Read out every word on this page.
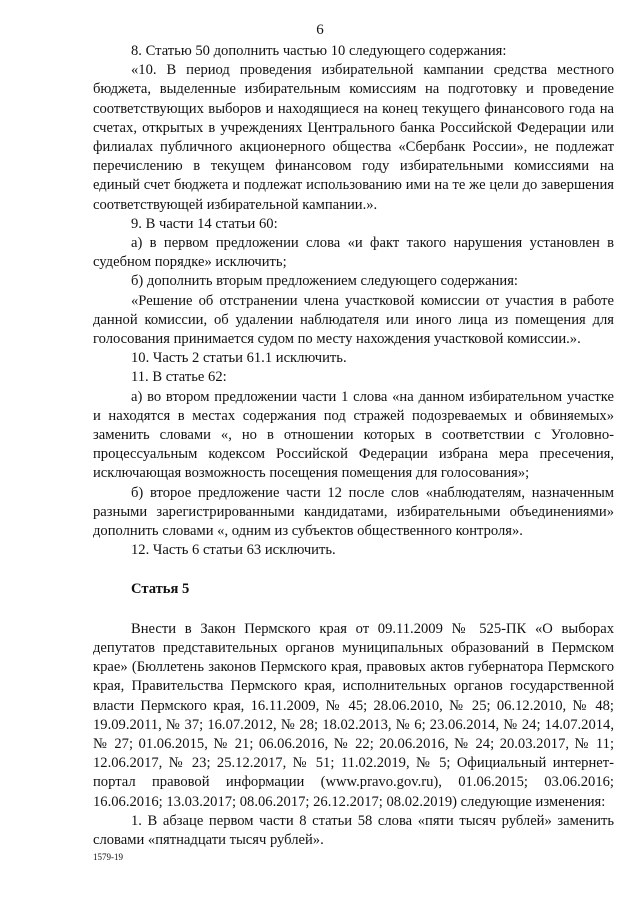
6

8. Статью 50 дополнить частью 10 следующего содержания:

«10. В период проведения избирательной кампании средства местного бюджета, выделенные избирательным комиссиям на подготовку и проведение соответствующих выборов и находящиеся на конец текущего финансового года на счетах, открытых в учреждениях Центрального банка Российской Федерации или филиалах публичного акционерного общества «Сбербанк России», не подлежат перечислению в текущем финансовом году избирательными комиссиями на единый счет бюджета и подлежат использованию ими на те же цели до завершения соответствующей избирательной кампании.».

9. В части 14 статьи 60:

а) в первом предложении слова «и факт такого нарушения установлен в судебном порядке» исключить;

б) дополнить вторым предложением следующего содержания:

«Решение об отстранении члена участковой комиссии от участия в работе данной комиссии, об удалении наблюдателя или иного лица из помещения для голосования принимается судом по месту нахождения участковой комиссии.».

10. Часть 2 статьи 61.1 исключить.

11. В статье 62:

а) во втором предложении части 1 слова «на данном избирательном участке и находятся в местах содержания под стражей подозреваемых и обвиняемых» заменить словами «, но в отношении которых в соответствии с Уголовно-процессуальным кодексом Российской Федерации избрана мера пресечения, исключающая возможность посещения помещения для голосования»;

б) второе предложение части 12 после слов «наблюдателям, назначенным разными зарегистрированными кандидатами, избирательными объединениями» дополнить словами «, одним из субъектов общественного контроля».

12. Часть 6 статьи 63 исключить.

Статья 5

Внести в Закон Пермского края от 09.11.2009 № 525-ПК «О выборах депутатов представительных органов муниципальных образований в Пермском крае» (Бюллетень законов Пермского края, правовых актов губернатора Пермского края, Правительства Пермского края, исполнительных органов государственной власти Пермского края, 16.11.2009, № 45; 28.06.2010, № 25; 06.12.2010, № 48; 19.09.2011, № 37; 16.07.2012, № 28; 18.02.2013, № 6; 23.06.2014, № 24; 14.07.2014, № 27; 01.06.2015, № 21; 06.06.2016, № 22; 20.06.2016, № 24; 20.03.2017, № 11; 12.06.2017, № 23; 25.12.2017, № 51; 11.02.2019, № 5; Официальный интернет-портал правовой информации (www.pravo.gov.ru), 01.06.2015; 03.06.2016; 16.06.2016; 13.03.2017; 08.06.2017; 26.12.2017; 08.02.2019) следующие изменения:

1. В абзаце первом части 8 статьи 58 слова «пяти тысяч рублей» заменить словами «пятнадцати тысяч рублей».

1579-19
